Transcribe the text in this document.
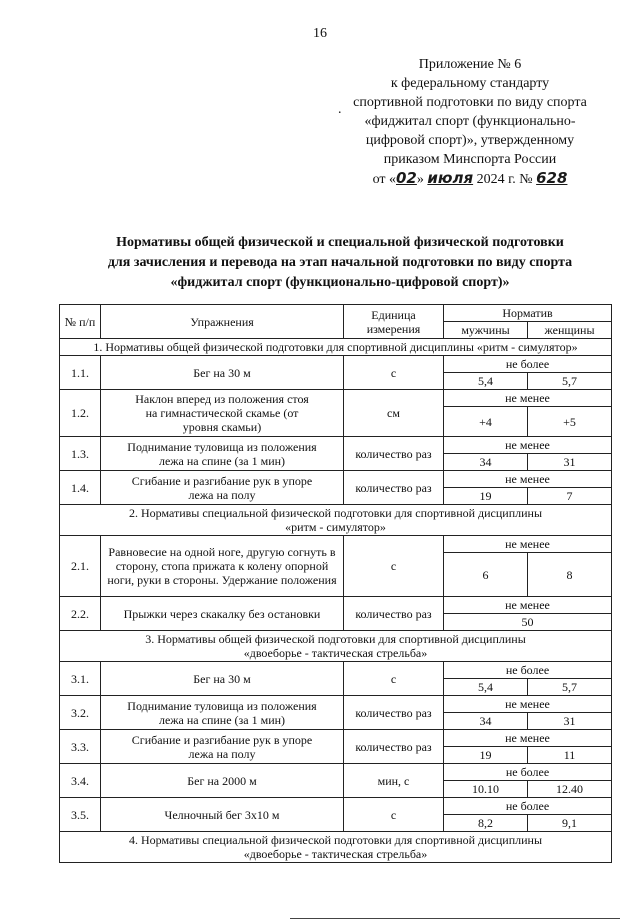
16
.
Приложение № 6
к федеральному стандарту
спортивной подготовки по виду спорта
«фиджитал спорт (функционально-
цифровой спорт)», утвержденному
приказом Минспорта России
от «02» июля 2024 г. № 628
Нормативы общей физической и специальной физической подготовки
для зачисления и перевода на этап начальной подготовки по виду спорта
«фиджитал спорт (функционально-цифровой спорт)»
№ п/п	Упражнения	Единица измерения	Норматив	
			мужчины	женщины
1. Нормативы общей физической подготовки для спортивной дисциплины «ритм - симулятор»				
1.1.	Бег на 30 м	с	не более	
			5,4	5,7
1.2.	Наклон вперед из положения стоя на гимнастической скамье (от уровня скамьи)	см	не менее	
			+4	+5
1.3.	Поднимание туловища из положения лежа на спине (за 1 мин)	количество раз	не менее	
			34	31
1.4.	Сгибание и разгибание рук в упоре лежа на полу	количество раз	не менее	
			19	7
2. Нормативы специальной физической подготовки для спортивной дисциплины «ритм - симулятор»				
2.1.	Равновесие на одной ноге, другую согнуть в сторону, стопа прижата к колену опорной ноги, руки в стороны. Удержание положения	с	не менее	
			6	8
2.2.	Прыжки через скакалку без остановки	количество раз	не менее	
			50	
3. Нормативы общей физической подготовки для спортивной дисциплины «двоеборье - тактическая стрельба»				
3.1.	Бег на 30 м	с	не более	
			5,4	5,7
3.2.	Поднимание туловища из положения лежа на спине (за 1 мин)	количество раз	не менее	
			34	31
3.3.	Сгибание и разгибание рук в упоре лежа на полу	количество раз	не менее	
			19	11
3.4.	Бег на 2000 м	мин, с	не более	
			10.10	12.40
3.5.	Челночный бег 3x10 м	с	не более	
			8,2	9,1
4. Нормативы специальной физической подготовки для спортивной дисциплины «двоеборье - тактическая стрельба»				
